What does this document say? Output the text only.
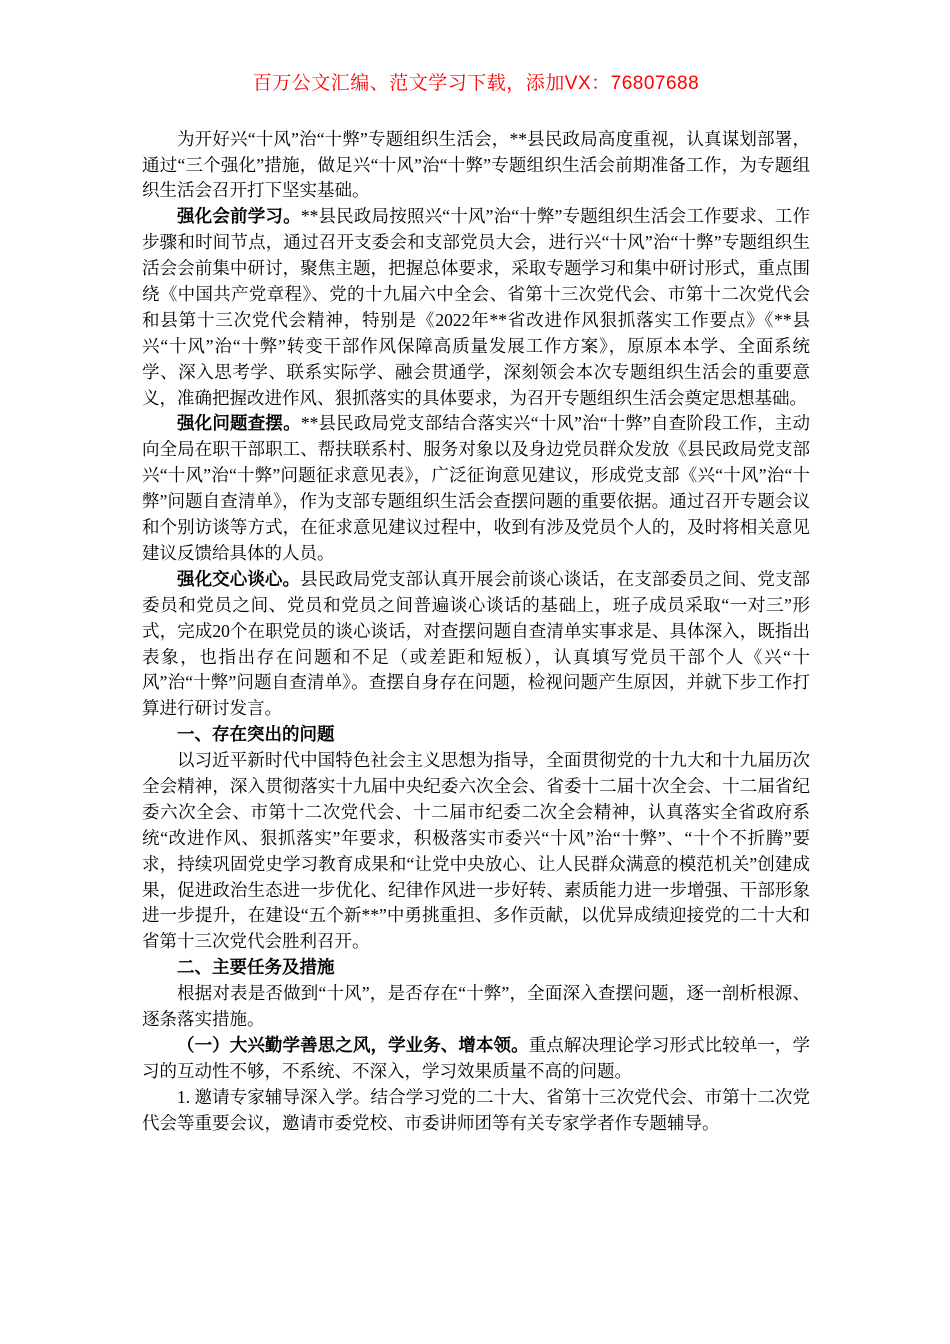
百万公文汇编、范文学习下载，添加VX：76807688

为开好兴“十风”治“十弊”专题组织生活会，**县民政局高度重视，认真谋划部署，通过“三个强化”措施，做足兴“十风”治“十弊”专题组织生活会前期准备工作，为专题组织生活会召开打下坚实基础。

强化会前学习。**县民政局按照兴“十风”治“十弊”专题组织生活会工作要求、工作步骤和时间节点，通过召开支委会和支部党员大会，进行兴“十风”治“十弊”专题组织生活会会前集中研讨，聚焦主题，把握总体要求，采取专题学习和集中研讨形式，重点围绕《中国共产党章程》、党的十九届六中全会、省第十三次党代会、市第十二次党代会和县第十三次党代会精神，特别是《2022年**省改进作风狠抓落实工作要点》《**县兴“十风”治“十弊”转变干部作风保障高质量发展工作方案》，原原本本学、全面系统学、深入思考学、联系实际学、融会贯通学，深刻领会本次专题组织生活会的重要意义，准确把握改进作风、狠抓落实的具体要求，为召开专题组织生活会奠定思想基础。

强化问题查摆。**县民政局党支部结合落实兴“十风”治“十弊”自查阶段工作，主动向全局在职干部职工、帮扶联系村、服务对象以及身边党员群众发放《县民政局党支部兴“十风”治“十弊”问题征求意见表》，广泛征询意见建议，形成党支部《兴“十风”治“十弊”问题自查清单》，作为支部专题组织生活会查摆问题的重要依据。通过召开专题会议和个别访谈等方式，在征求意见建议过程中，收到有涉及党员个人的，及时将相关意见建议反馈给具体的人员。

强化交心谈心。县民政局党支部认真开展会前谈心谈话，在支部委员之间、党支部委员和党员之间、党员和党员之间普遍谈心谈话的基础上，班子成员采取“一对三”形式，完成20个在职党员的谈心谈话，对查摆问题自查清单实事求是、具体深入，既指出表象，也指出存在问题和不足（或差距和短板），认真填写党员干部个人《兴“十风”治“十弊”问题自查清单》。查摆自身存在问题，检视问题产生原因，并就下步工作打算进行研讨发言。

一、存在突出的问题

以习近平新时代中国特色社会主义思想为指导，全面贯彻党的十九大和十九届历次全会精神，深入贯彻落实十九届中央纪委六次全会、省委十二届十次全会、十二届省纪委六次全会、市第十二次党代会、十二届市纪委二次全会精神，认真落实全省政府系统“改进作风、狠抓落实”年要求，积极落实市委兴“十风”治“十弊”、“十个不折腾”要求，持续巩固党史学习教育成果和“让党中央放心、让人民群众满意的模范机关”创建成果，促进政治生态进一步优化、纪律作风进一步好转、素质能力进一步增强、干部形象进一步提升，在建设“五个新**”中勇挑重担、多作贡献，以优异成绩迎接党的二十大和省第十三次党代会胜利召开。

二、主要任务及措施

根据对表是否做到“十风”，是否存在“十弊”，全面深入查摆问题，逐一剖析根源、逐条落实措施。

（一）大兴勤学善思之风，学业务、增本领。重点解决理论学习形式比较单一，学习的互动性不够，不系统、不深入，学习效果质量不高的问题。

1. 邀请专家辅导深入学。结合学习党的二十大、省第十三次党代会、市第十二次党代会等重要会议，邀请市委党校、市委讲师团等有关专家学者作专题辅导。
